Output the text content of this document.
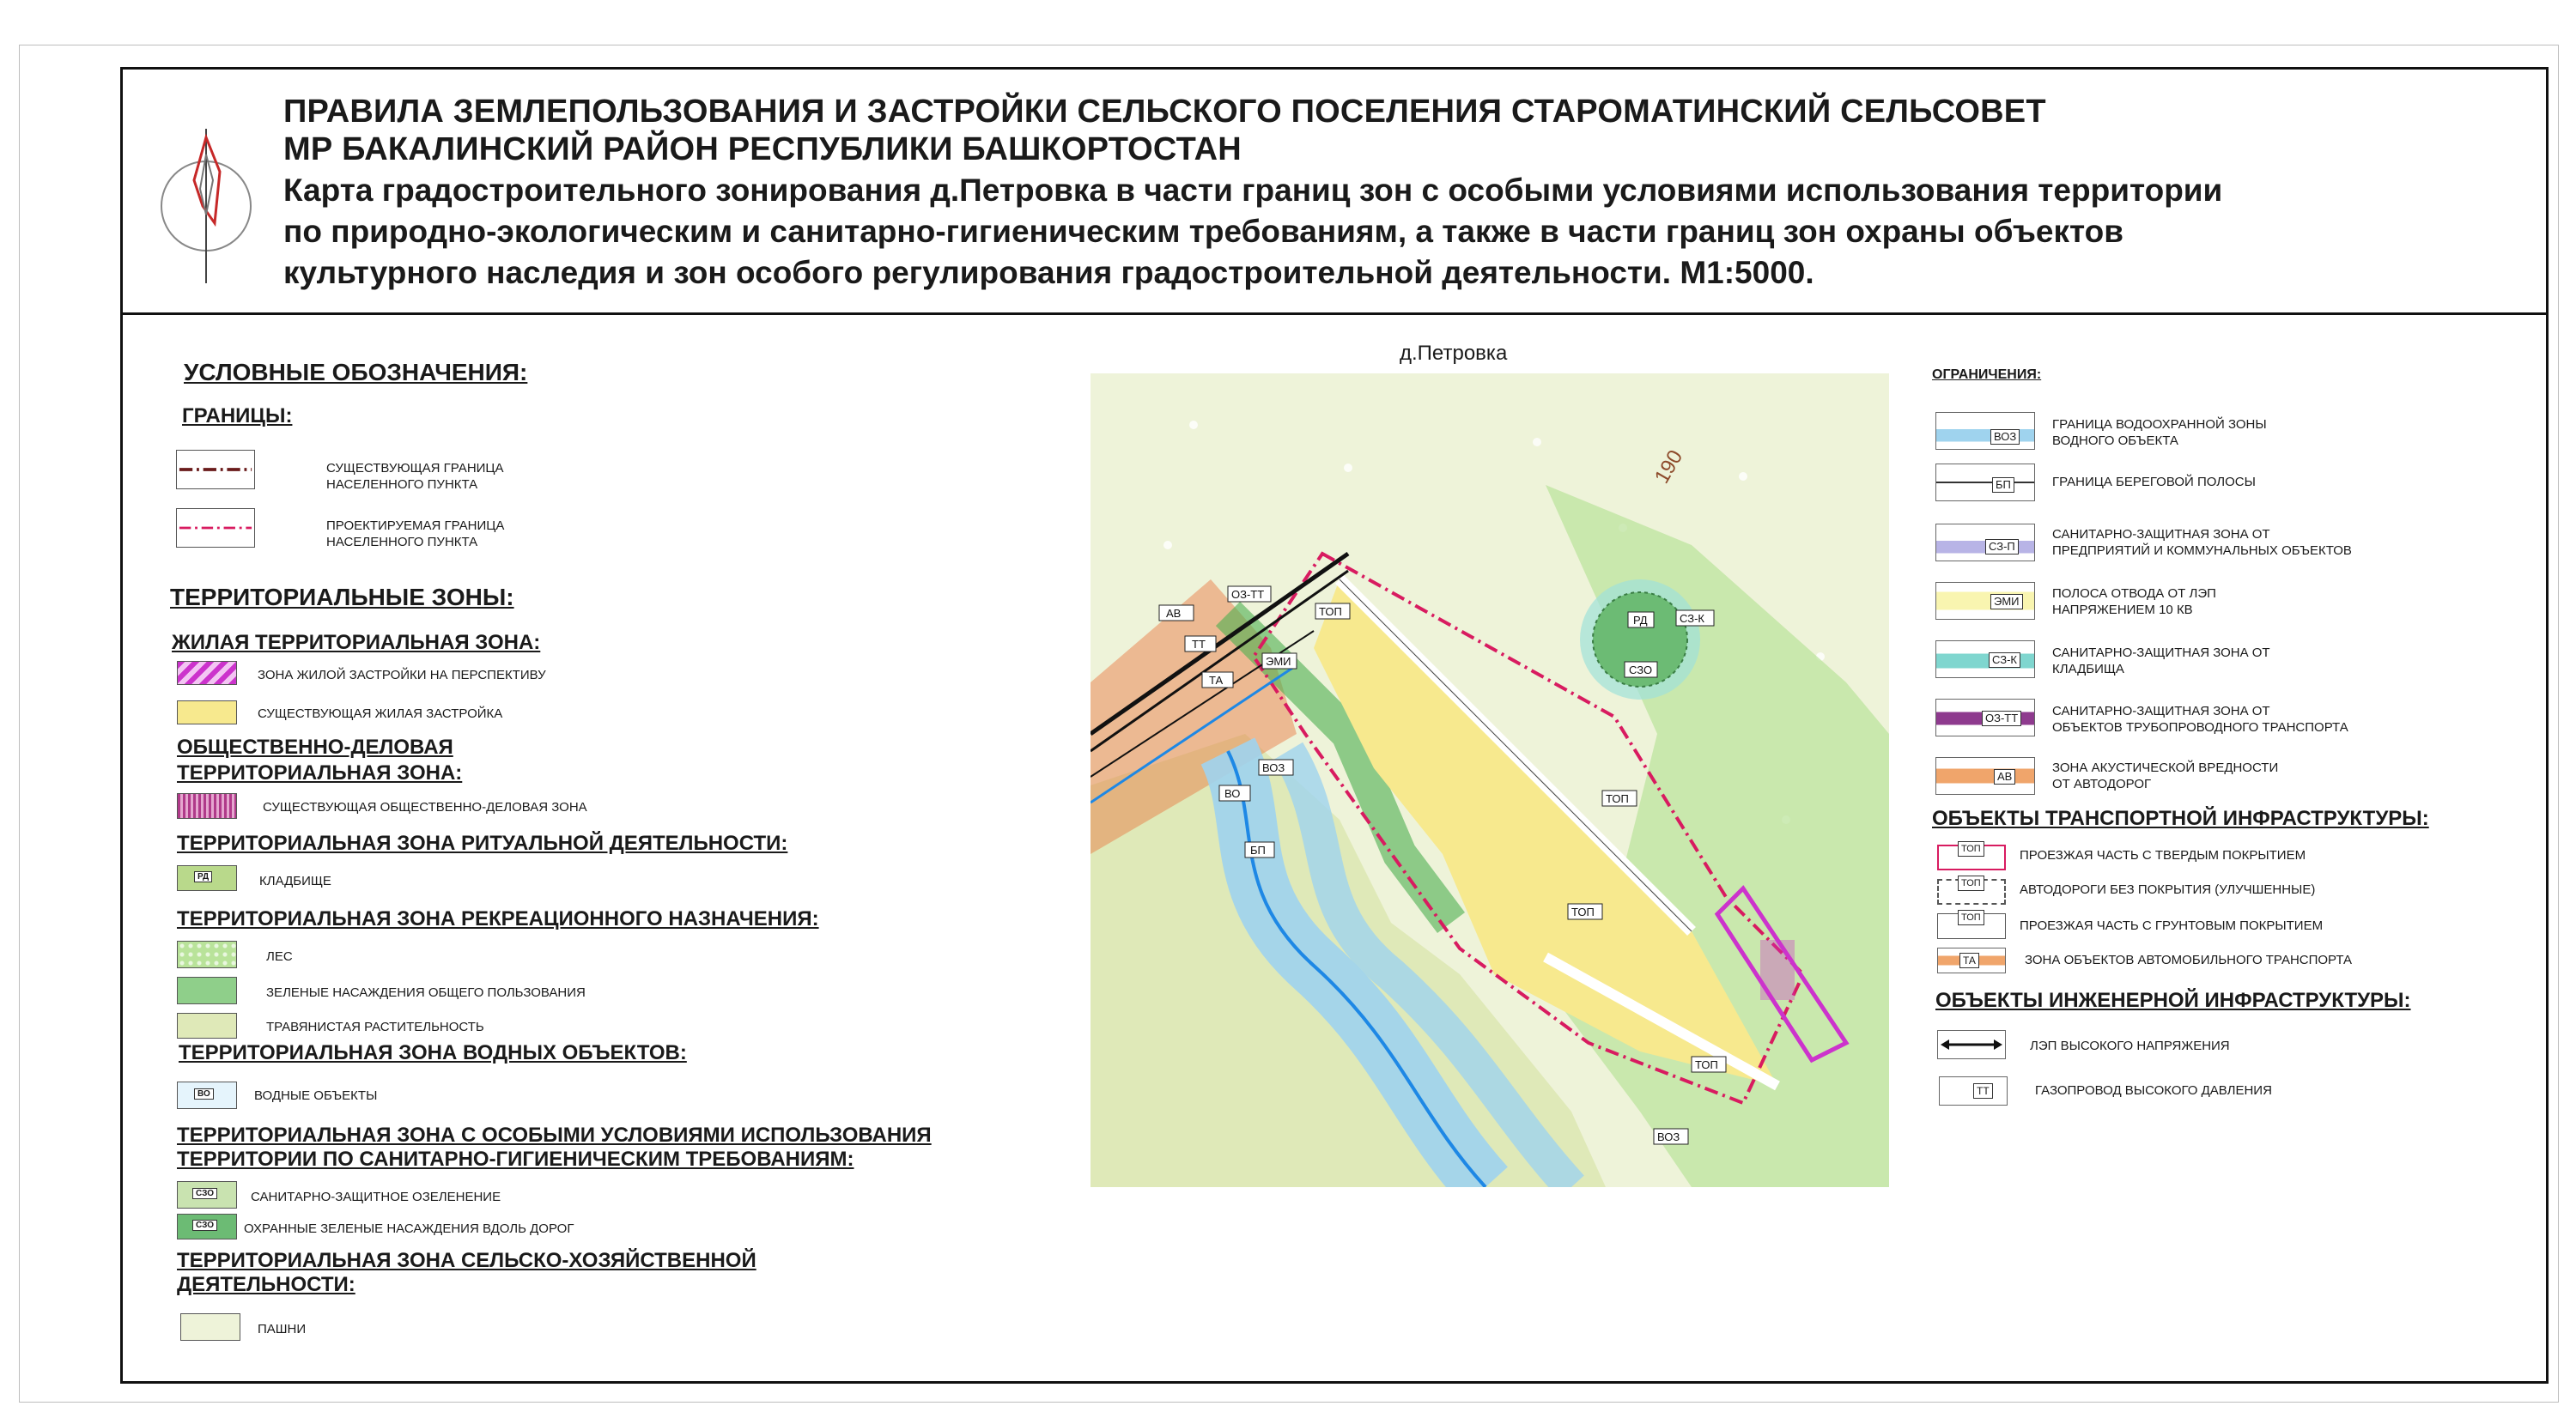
ПРАВИЛА ЗЕМЛЕПОЛЬЗОВАНИЯ И ЗАСТРОЙКИ СЕЛЬСКОГО ПОСЕЛЕНИЯ СТАРОМАТИНСКИЙ СЕЛЬСОВЕТ
МР БАКАЛИНСКИЙ РАЙОН РЕСПУБЛИКИ БАШКОРТОСТАН
Карта градостроительного зонирования д.Петровка в части границ зон с особыми условиями использования территории
по природно-экологическим и санитарно-гигиеническим требованиям, а также в части границ зон охраны объектов
культурного наследия и зон особого регулирования градостроительной деятельности. М1:5000.
УСЛОВНЫЕ ОБОЗНАЧЕНИЯ:
ГРАНИЦЫ:
СУЩЕСТВУЮЩАЯ ГРАНИЦА
НАСЕЛЕННОГО ПУНКТА
ПРОЕКТИРУЕМАЯ ГРАНИЦА
НАСЕЛЕННОГО ПУНКТА
ТЕРРИТОРИАЛЬНЫЕ ЗОНЫ:
ЖИЛАЯ ТЕРРИТОРИАЛЬНАЯ ЗОНА:
ЗОНА ЖИЛОЙ ЗАСТРОЙКИ НА ПЕРСПЕКТИВУ
СУЩЕСТВУЮЩАЯ ЖИЛАЯ ЗАСТРОЙКА
ОБЩЕСТВЕННО-ДЕЛОВАЯ
ТЕРРИТОРИАЛЬНАЯ ЗОНА:
СУЩЕСТВУЮЩАЯ ОБЩЕСТВЕННО-ДЕЛОВАЯ ЗОНА
ТЕРРИТОРИАЛЬНАЯ ЗОНА РИТУАЛЬНОЙ ДЕЯТЕЛЬНОСТИ:
РД	КЛАДБИЩЕ
ТЕРРИТОРИАЛЬНАЯ ЗОНА РЕКРЕАЦИОННОГО НАЗНАЧЕНИЯ:
ЛЕС
ЗЕЛЕНЫЕ НАСАЖДЕНИЯ ОБЩЕГО ПОЛЬЗОВАНИЯ
ТРАВЯНИСТАЯ РАСТИТЕЛЬНОСТЬ
ТЕРРИТОРИАЛЬНАЯ ЗОНА ВОДНЫХ ОБЪЕКТОВ:
ВО	ВОДНЫЕ ОБЪЕКТЫ
ТЕРРИТОРИАЛЬНАЯ ЗОНА С ОСОБЫМИ УСЛОВИЯМИ ИСПОЛЬЗОВАНИЯ
ТЕРРИТОРИИ ПО САНИТАРНО-ГИГИЕНИЧЕСКИМ ТРЕБОВАНИЯМ:
СЗО	САНИТАРНО-ЗАЩИТНОЕ ОЗЕЛЕНЕНИЕ
СЗО ОХРАННЫЕ ЗЕЛЕНЫЕ НАСАЖДЕНИЯ ВДОЛЬ ДОРОГ
ТЕРРИТОРИАЛЬНАЯ ЗОНА СЕЛЬСКО-ХОЗЯЙСТВЕННОЙ
ДЕЯТЕЛЬНОСТИ:
ПАШНИ
д.Петровка
РД
СЗО
СЗ-К
АВ
ОЗ-ТТ
ТТ
ТА
ЭМИ
ТОП
ТОП
ТОП
ТОП
ВОЗ
ВОЗ
ВО
БП
190
ОГРАНИЧЕНИЯ:
ВОЗ
ГРАНИЦА ВОДООХРАННОЙ ЗОНЫ
ВОДНОГО ОБЪЕКТА
БП	ГРАНИЦА БЕРЕГОВОЙ ПОЛОСЫ
СЗ-П
САНИТАРНО-ЗАЩИТНАЯ ЗОНА ОТ
ПРЕДПРИЯТИЙ И КОММУНАЛЬНЫХ ОБЪЕКТОВ
ЭМИ
ПОЛОСА ОТВОДА ОТ ЛЭП
НАПРЯЖЕНИЕМ 10 КВ
СЗ-К	САНИТАРНО-ЗАЩИТНАЯ ЗОНА ОТ
КЛАДБИЩА
ОЗ-ТТ	САНИТАРНО-ЗАЩИТНАЯ ЗОНА ОТ
ОБЪЕКТОВ ТРУБОПРОВОДНОГО ТРАНСПОРТА
АВ
ЗОНА АКУСТИЧЕСКОЙ ВРЕДНОСТИ
ОТ АВТОДОРОГ
ОБЪЕКТЫ ТРАНСПОРТНОЙ ИНФРАСТРУКТУРЫ:
ТОП	ПРОЕЗЖАЯ ЧАСТЬ С ТВЕРДЫМ ПОКРЫТИЕМ
ТОП	АВТОДОРОГИ БЕЗ ПОКРЫТИЯ (УЛУЧШЕННЫЕ)
ТОП
ПРОЕЗЖАЯ ЧАСТЬ С ГРУНТОВЫМ ПОКРЫТИЕМ
ТА	ЗОНА ОБЪЕКТОВ АВТОМОБИЛЬНОГО ТРАНСПОРТА
ОБЪЕКТЫ ИНЖЕНЕРНОЙ ИНФРАСТРУКТУРЫ:
ЛЭП ВЫСОКОГО НАПРЯЖЕНИЯ
ТТ	ГАЗОПРОВОД ВЫСОКОГО ДАВЛЕНИЯ
